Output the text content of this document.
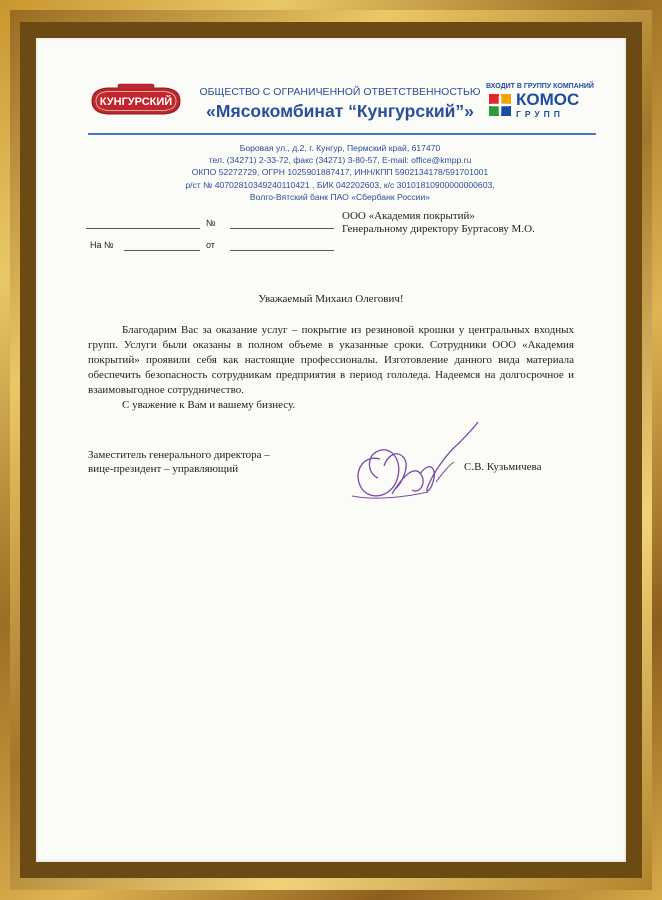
КУНГУРСКИЙ
ОБЩЕСТВО С ОГРАНИЧЕННОЙ ОТВЕТСТВЕННОСТЬЮ
«Мясокомбинат “Кунгурский”»
ВХОДИТ В ГРУППУ КОМПАНИЙ
КОМОС
ГРУПП
Боровая ул., д.2, г. Кунгур, Пермский край, 617470
тел. (34271) 2-33-72, факс (34271) 3-80-57, E-mail: office@kmpp.ru
ОКПО 52272729, ОГРН 1025901887417, ИНН/КПП 5902134178/591701001
р/ст № 40702810349240110421 , БИК 042202603, к/с 30101810900000000603,
Волго-Вятский банк ПАО «Сбербанк России»
№
На №	от
ООО «Академия покрытий»
Генеральному директору Буртасову М.О.
Уважаемый Михаил Олегович!

Благодарим Вас за оказание услуг – покрытие из резиновой крошки у центральных входных групп. Услуги были оказаны в полном объеме в указанные сроки. Сотрудники ООО «Академия покрытий» проявили себя как настоящие профессионалы. Изготовление данного вида материала обеспечить безопасность сотрудникам предприятия в период гололеда. Надеемся на долгосрочное и взаимовыгодное сотрудничество.

С уважение к Вам и вашему бизнесу.

Заместитель генерального директора –
вице-президент – управляющий	С.В. Кузьмичева
